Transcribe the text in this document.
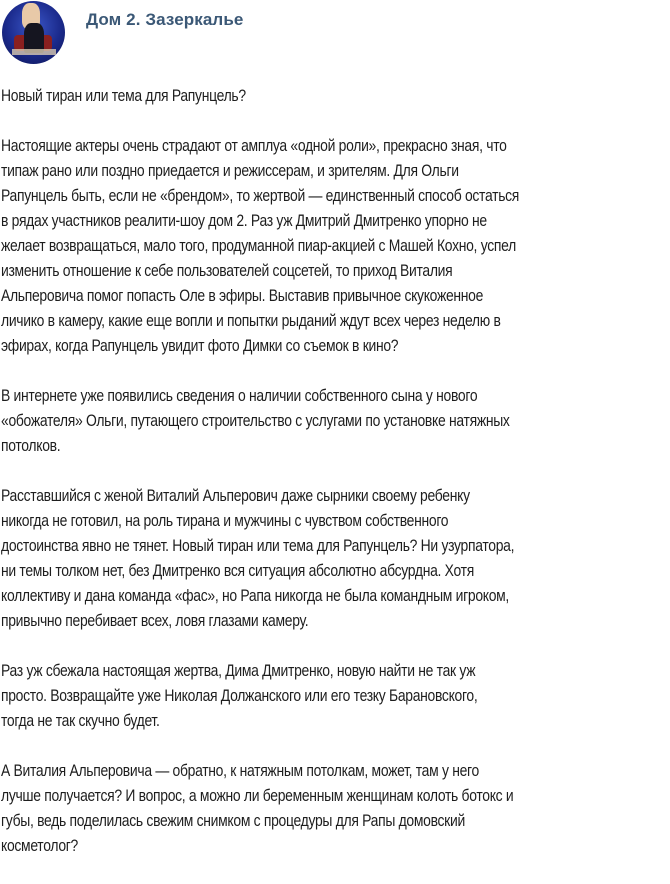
Дом 2. Зазеркалье

Новый тиран или тема для Рапунцель?

Настоящие актеры очень страдают от амплуа «одной роли», прекрасно зная, что
типаж рано или поздно приедается и режиссерам, и зрителям. Для Ольги
Рапунцель быть, если не «брендом», то жертвой — единственный способ остаться
в рядах участников реалити-шоу дом 2. Раз уж Дмитрий Дмитренко упорно не
желает возвращаться, мало того, продуманной пиар-акцией с Машей Кохно, успел
изменить отношение к себе пользователей соцсетей, то приход Виталия
Альперовича помог попасть Оле в эфиры. Выставив привычное скукоженное
личико в камеру, какие еще вопли и попытки рыданий ждут всех через неделю в
эфирах, когда Рапунцель увидит фото Димки со съемок в кино?

В интернете уже появились сведения о наличии собственного сына у нового
«обожателя» Ольги, путающего строительство с услугами по установке натяжных
потолков.

Расставшийся с женой Виталий Альперович даже сырники своему ребенку
никогда не готовил, на роль тирана и мужчины с чувством собственного
достоинства явно не тянет. Новый тиран или тема для Рапунцель? Ни узурпатора,
ни темы толком нет, без Дмитренко вся ситуация абсолютно абсурдна. Хотя
коллективу и дана команда «фас», но Рапа никогда не была командным игроком,
привычно перебивает всех, ловя глазами камеру.

Раз уж сбежала настоящая жертва, Дима Дмитренко, новую найти не так уж
просто. Возвращайте уже Николая Должанского или его тезку Барановского,
тогда не так скучно будет.

А Виталия Альперовича — обратно, к натяжным потолкам, может, там у него
лучше получается? И вопрос, а можно ли беременным женщинам колоть ботокс и
губы, ведь поделилась свежим снимком с процедуры для Рапы домовский
косметолог?
